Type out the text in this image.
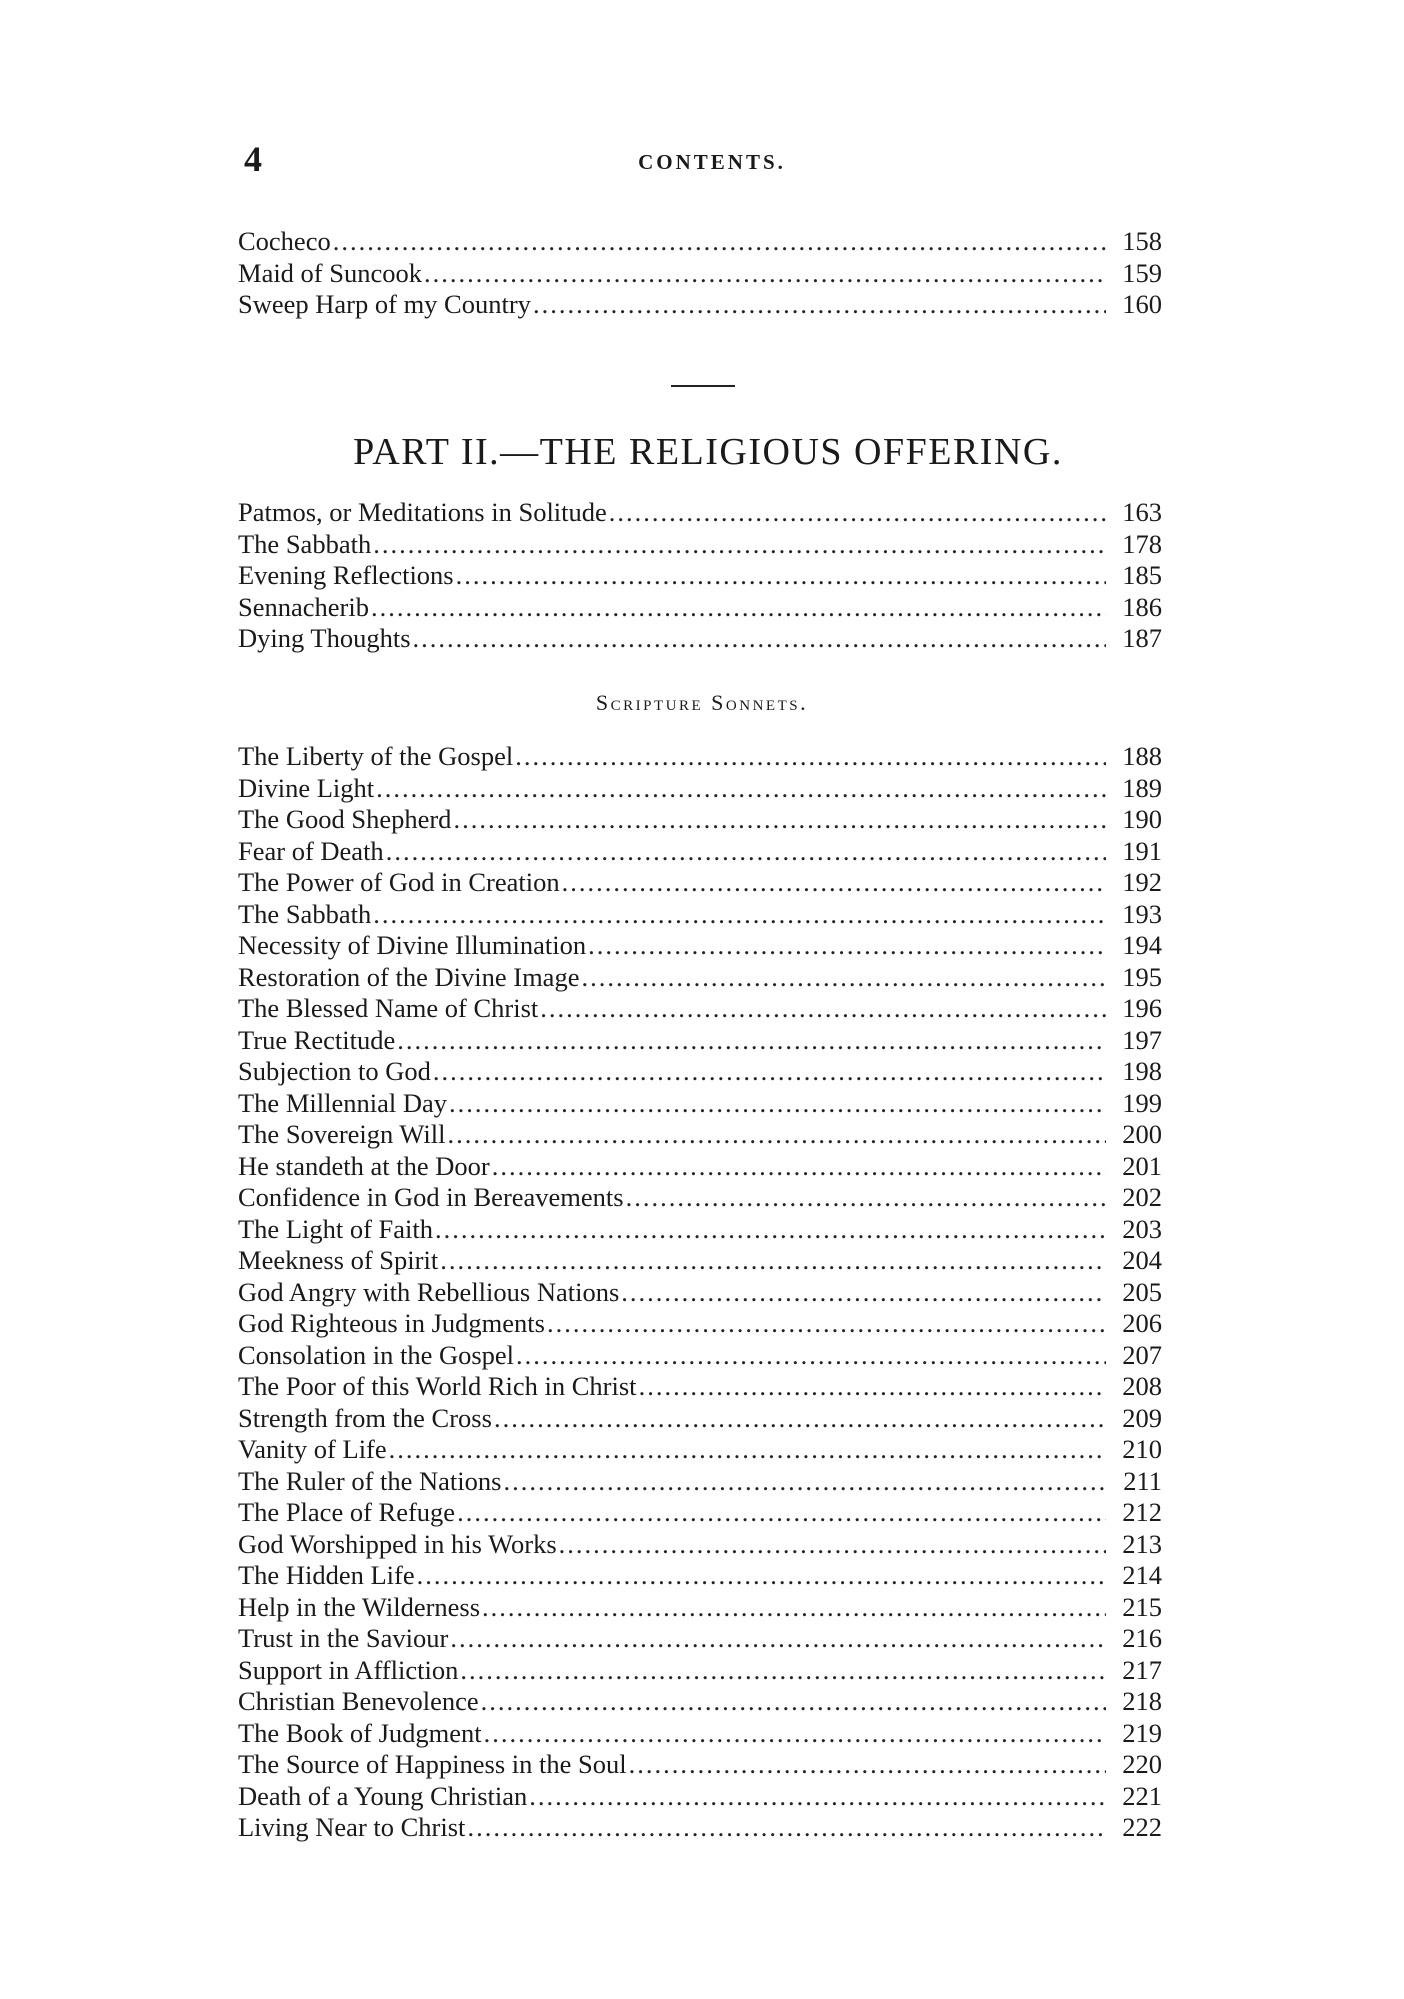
4	CONTENTS.
Cocheco .....	158
Maid of Suncook .....	159
Sweep Harp of my Country .....	160
PART II.—THE RELIGIOUS OFFERING.
Patmos, or Meditations in Solitude .....	163
The Sabbath .....	178
Evening Reflections .....	185
Sennacherib .....	186
Dying Thoughts .....	187
Scripture Sonnets.
The Liberty of the Gospel .....	188
Divine Light .....	189
The Good Shepherd .....	190
Fear of Death .....	191
The Power of God in Creation .....	192
The Sabbath .....	193
Necessity of Divine Illumination .....	194
Restoration of the Divine Image .....	195
The Blessed Name of Christ .....	196
True Rectitude .....	197
Subjection to God .....	198
The Millennial Day .....	199
The Sovereign Will .....	200
He standeth at the Door .....	201
Confidence in God in Bereavements .....	202
The Light of Faith .....	203
Meekness of Spirit .....	204
God Angry with Rebellious Nations .....	205
God Righteous in Judgments .....	206
Consolation in the Gospel .....	207
The Poor of this World Rich in Christ .....	208
Strength from the Cross .....	209
Vanity of Life .....	210
The Ruler of the Nations .....	211
The Place of Refuge .....	212
God Worshipped in his Works .....	213
The Hidden Life .....	214
Help in the Wilderness .....	215
Trust in the Saviour .....	216
Support in Affliction .....	217
Christian Benevolence .....	218
The Book of Judgment .....	219
The Source of Happiness in the Soul .....	220
Death of a Young Christian .....	221
Living Near to Christ .....	222
